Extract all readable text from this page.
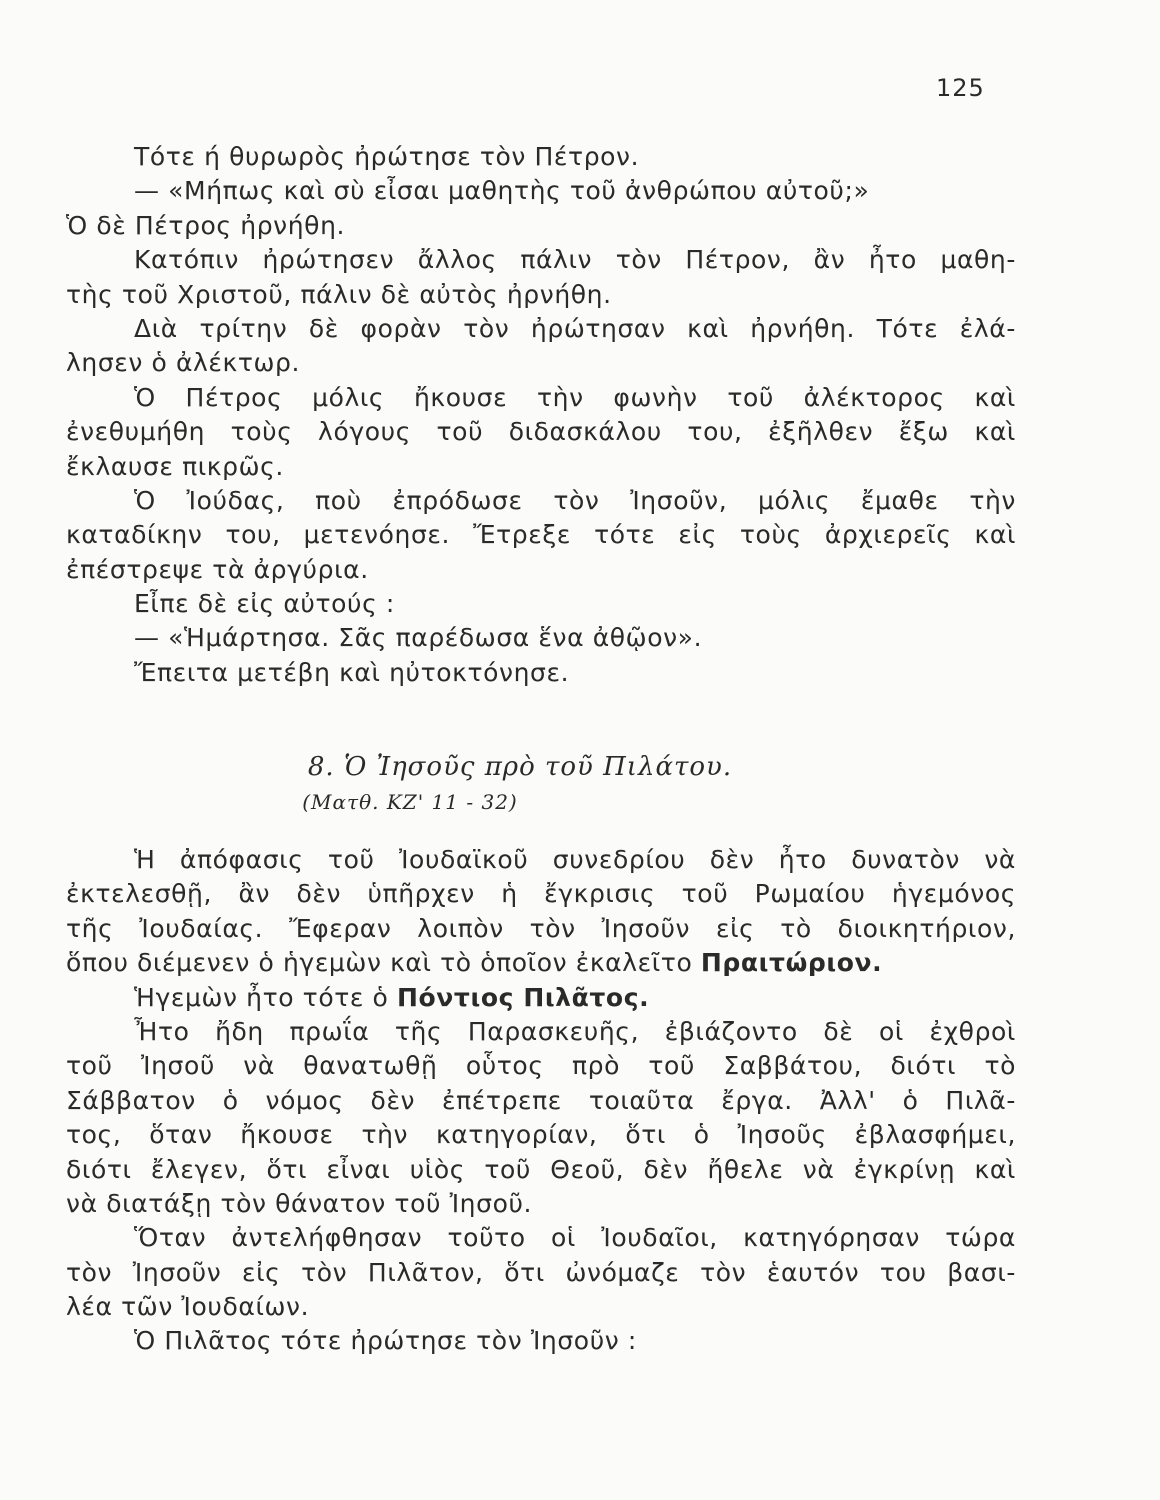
125
Τότε ή θυρωρὸς ἠρώτησε τὸν Πέτρον.
— «Μήπως καὶ σὺ εἶσαι μαθητὴς τοῦ ἀνθρώπου αὐτοῦ;»
Ὁ δὲ Πέτρος ἠρνήθη.
Κατόπιν ἠρώτησεν ἄλλος πάλιν τὸν Πέτρον, ἂν ἦτο μαθη-
τὴς τοῦ Χριστοῦ, πάλιν δὲ αὐτὸς ἠρνήθη.
Διὰ τρίτην δὲ φορὰν τὸν ἠρώτησαν καὶ ἠρνήθη. Τότε ἐλά-
λησεν ὁ ἀλέκτωρ.
Ὁ Πέτρος μόλις ἤκουσε τὴν φωνὴν τοῦ ἀλέκτορος καὶ
ἐνεθυμήθη τοὺς λόγους τοῦ διδασκάλου του, ἐξῆλθεν ἔξω καὶ
ἔκλαυσε πικρῶς.
Ὁ Ἰούδας, ποὺ ἐπρόδωσε τὸν Ἰησοῦν, μόλις ἔμαθε τὴν
καταδίκην του, μετενόησε. Ἔτρεξε τότε εἰς τοὺς ἀρχιερεῖς καὶ
ἐπέστρεψε τὰ ἀργύρια.
Εἶπε δὲ εἰς αὐτούς :
— «Ἡμάρτησα. Σᾶς παρέδωσα ἕνα ἀθῷον».
Ἔπειτα μετέβη καὶ ηὐτοκτόνησε.
8. Ὁ Ἰησοῦς πρὸ τοῦ Πιλάτου.
(Ματθ. ΚΖ' 11 - 32)
Ἡ ἀπόφασις τοῦ Ἰουδαϊκοῦ συνεδρίου δὲν ἦτο δυνατὸν νὰ
ἐκτελεσθῇ, ἂν δὲν ὑπῆρχεν ἡ ἔγκρισις τοῦ Ρωμαίου ἡγεμόνος
τῆς Ἰουδαίας. Ἔφεραν λοιπὸν τὸν Ἰησοῦν εἰς τὸ διοικητήριον,
ὅπου διέμενεν ὁ ἡγεμὼν καὶ τὸ ὁποῖον ἐκαλεῖτο Πραιτώριον.
Ἡγεμὼν ἦτο τότε ὁ Πόντιος Πιλᾶτος.
Ἦτο ἤδη πρωΐα τῆς Παρασκευῆς, ἐβιάζοντο δὲ οἱ ἐχθροὶ
τοῦ Ἰησοῦ νὰ θανατωθῇ οὗτος πρὸ τοῦ Σαββάτου, διότι τὸ
Σάββατον ὁ νόμος δὲν ἐπέτρεπε τοιαῦτα ἔργα. Ἀλλ' ὁ Πιλᾶ-
τος, ὅταν ἤκουσε τὴν κατηγορίαν, ὅτι ὁ Ἰησοῦς ἐβλασφήμει,
διότι ἔλεγεν, ὅτι εἶναι υἱὸς τοῦ Θεοῦ, δὲν ἤθελε νὰ ἐγκρίνῃ καὶ
νὰ διατάξῃ τὸν θάνατον τοῦ Ἰησοῦ.
Ὅταν ἀντελήφθησαν τοῦτο οἱ Ἰουδαῖοι, κατηγόρησαν τώρα
τὸν Ἰησοῦν εἰς τὸν Πιλᾶτον, ὅτι ὠνόμαζε τὸν ἑαυτόν του βασι-
λέα τῶν Ἰουδαίων.
Ὁ Πιλᾶτος τότε ἠρώτησε τὸν Ἰησοῦν :
